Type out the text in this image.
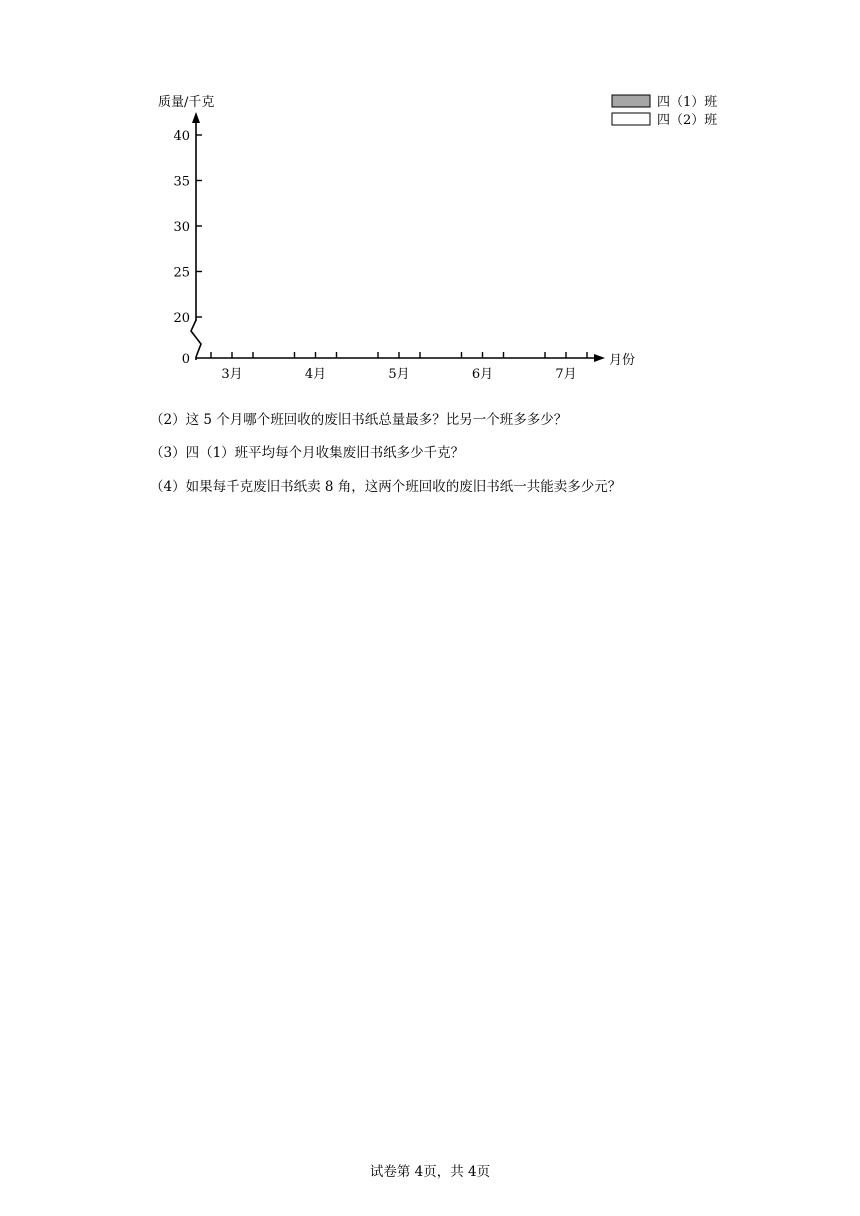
质量/千克
月份
四（1）班
四（2）班
0
20
25
30
35
40
3月	4月	5月	6月	7月
（2）这 5 个月哪个班回收的废旧书纸总量最多？比另一个班多多少？
（3）四（1）班平均每个月收集废旧书纸多少千克？
（4）如果每千克废旧书纸卖 8 角，这两个班回收的废旧书纸一共能卖多少元？
试卷第 4页，共 4页
